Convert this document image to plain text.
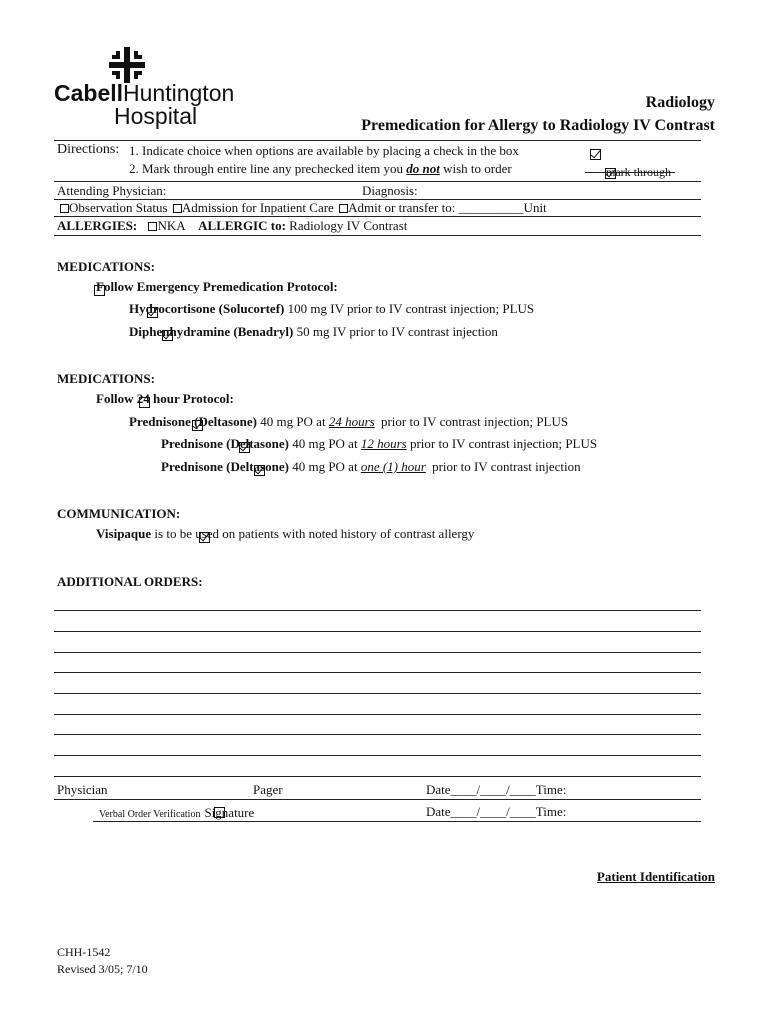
CabellHuntington
Hospital
Radiology
Premedication for Allergy to Radiology IV Contrast
Directions: 1. Indicate choice when options are available by placing a check in the box

2. Mark through entire line any prechecked item you do not wish to order
	mark through
Attending Physician:	Diagnosis:
Observation Status Admission for Inpatient Care Admit or transfer to: __________Unit
ALLERGIES: NKA ALLERGIC to: Radiology IV Contrast
MEDICATIONS:

Follow Emergency Premedication Protocol:

Hydrocortisone (Solucortef) 100 mg IV prior to IV contrast injection; PLUS

Diphenhydramine (Benadryl) 50 mg IV prior to IV contrast injection
MEDICATIONS:

Follow 24 hour Protocol:

Prednisone (Deltasone) 40 mg PO at 24 hours prior to IV contrast injection; PLUS

Prednisone (Deltasone) 40 mg PO at 12 hours prior to IV contrast injection; PLUS

Prednisone (Deltasone) 40 mg PO at one (1) hour prior to IV contrast injection
COMMUNICATION:

Visipaque is to be used on patients with noted history of contrast allergy
ADDITIONAL ORDERS:
Physician	Pager	Date____/____/____Time:
Verbal Order Verification Signature	Date____/____/____Time:
Patient Identification
CHH-1542
Revised 3/05; 7/10
